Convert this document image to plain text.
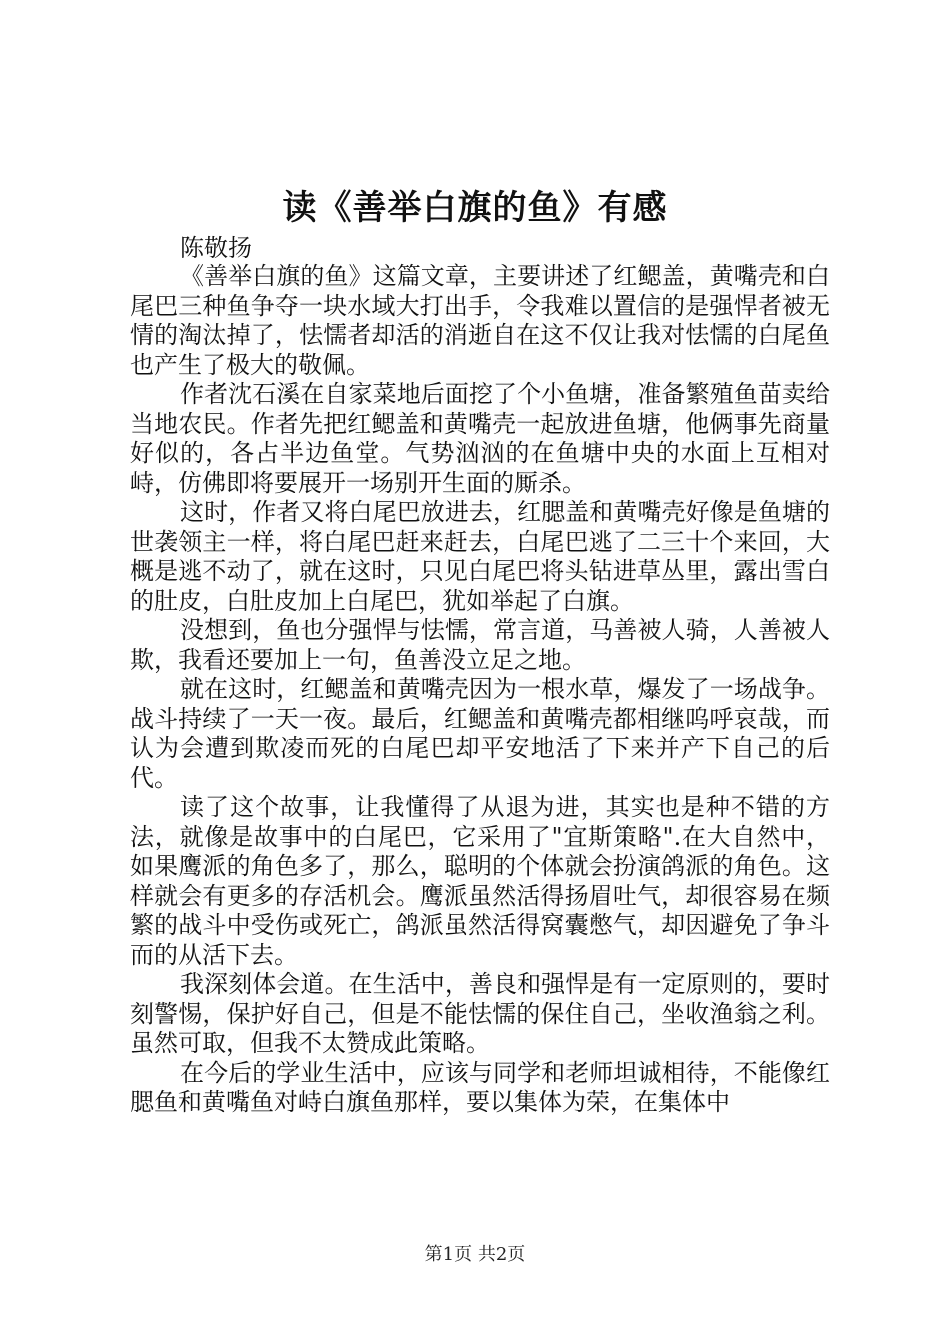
读《善举白旗的鱼》有感

陈敬扬

《善举白旗的鱼》这篇文章，主要讲述了红鳃盖，黄嘴壳和白尾巴三种鱼争夺一块水域大打出手，令我难以置信的是强悍者被无情的淘汰掉了，怯懦者却活的消逝自在这不仅让我对怯懦的白尾鱼也产生了极大的敬佩。

作者沈石溪在自家菜地后面挖了个小鱼塘，准备繁殖鱼苗卖给当地农民。作者先把红鳃盖和黄嘴壳一起放进鱼塘，他俩事先商量好似的，各占半边鱼堂。气势汹汹的在鱼塘中央的水面上互相对峙，仿佛即将要展开一场别开生面的厮杀。

这时，作者又将白尾巴放进去，红腮盖和黄嘴壳好像是鱼塘的世袭领主一样，将白尾巴赶来赶去，白尾巴逃了二三十个来回，大概是逃不动了，就在这时，只见白尾巴将头钻进草丛里，露出雪白的肚皮，白肚皮加上白尾巴，犹如举起了白旗。

没想到，鱼也分强悍与怯懦，常言道，马善被人骑，人善被人欺，我看还要加上一句，鱼善没立足之地。

就在这时，红鳃盖和黄嘴壳因为一根水草，爆发了一场战争。战斗持续了一天一夜。最后，红鳃盖和黄嘴壳都相继呜呼哀哉，而认为会遭到欺凌而死的白尾巴却平安地活了下来并产下自己的后代。

读了这个故事，让我懂得了从退为进，其实也是种不错的方法，就像是故事中的白尾巴，它采用了"宜斯策略".在大自然中，如果鹰派的角色多了，那么，聪明的个体就会扮演鸽派的角色。这样就会有更多的存活机会。鹰派虽然活得扬眉吐气，却很容易在频繁的战斗中受伤或死亡，鸽派虽然活得窝囊憋气，却因避免了争斗而的从活下去。

我深刻体会道。在生活中，善良和强悍是有一定原则的，要时刻警惕，保护好自己，但是不能怯懦的保住自己，坐收渔翁之利。虽然可取，但我不太赞成此策略。

在今后的学业生活中，应该与同学和老师坦诚相待，不能像红腮鱼和黄嘴鱼对峙白旗鱼那样，要以集体为荣，在集体中

第1页 共2页
